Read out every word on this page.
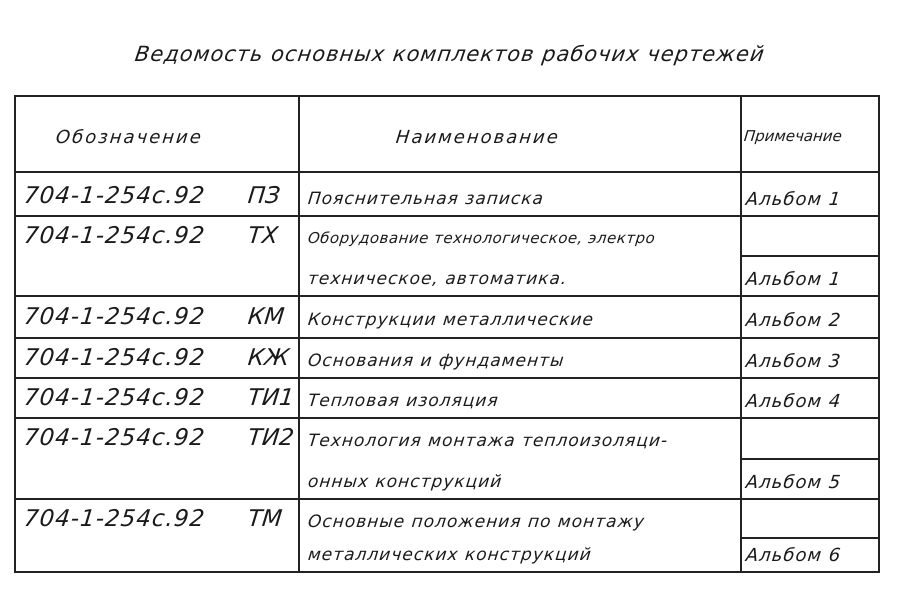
Ведомость основных комплектов рабочих чертежей
Обозначение	Наименование	Примечание
704-1-254с.92 ПЗ Пояснительная записка	Альбом 1
704-1-254с.92 ТХ Оборудование технологическое, электро
техническое, автоматика.	Альбом 1
704-1-254с.92 КМ Конструкции металлические	Альбом 2
704-1-254с.92 КЖ Основания и фундаменты	Альбом 3
704-1-254с.92 ТИ1 Тепловая изоляция	Альбом 4
704-1-254с.92 ТИ2 Технология монтажа теплоизоляци-
онных конструкций	Альбом 5
704-1-254с.92 ТМ Основные положения по монтажу
металлических конструкций	Альбом 6
